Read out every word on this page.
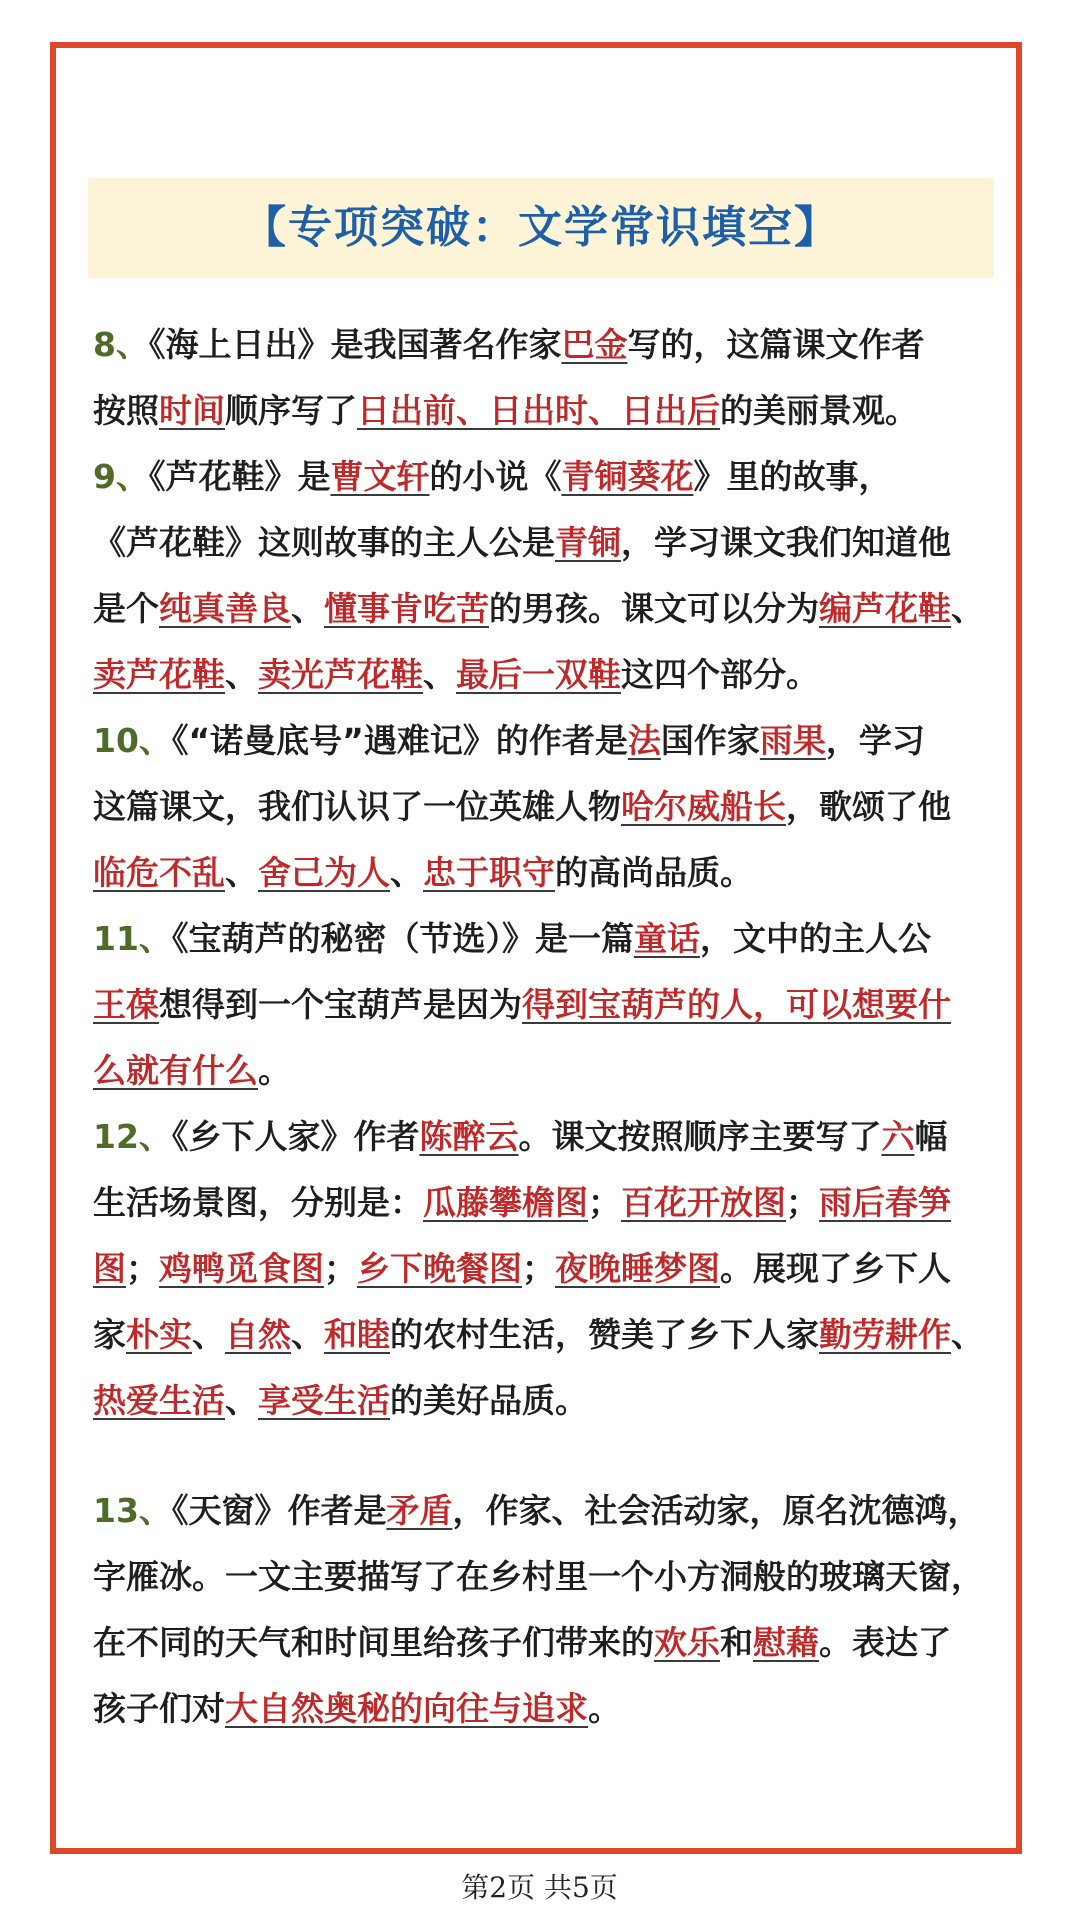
【专项突破：文学常识填空】
8、《海上日出》是我国著名作家巴金写的，这篇课文作者
按照时间顺序写了日出前、日出时、日出后的美丽景观。
9、《芦花鞋》是曹文轩的小说《青铜葵花》里的故事，
《芦花鞋》这则故事的主人公是青铜，学习课文我们知道他
是个纯真善良、懂事肯吃苦的男孩。课文可以分为编芦花鞋、
卖芦花鞋、卖光芦花鞋、最后一双鞋这四个部分。
10、《“诺曼底号”遇难记》的作者是法国作家雨果，学习
这篇课文，我们认识了一位英雄人物哈尔威船长，歌颂了他
临危不乱、舍己为人、忠于职守的高尚品质。
11、《宝葫芦的秘密（节选）》是一篇童话，文中的主人公
王葆想得到一个宝葫芦是因为得到宝葫芦的人，可以想要什
么就有什么。
12、《乡下人家》作者陈醉云。课文按照顺序主要写了六幅
生活场景图，分别是：瓜藤攀檐图；百花开放图；雨后春笋
图；鸡鸭觅食图；乡下晚餐图；夜晚睡梦图。展现了乡下人
家朴实、自然、和睦的农村生活，赞美了乡下人家勤劳耕作、
热爱生活、享受生活的美好品质。
13、《天窗》作者是矛盾，作家、社会活动家，原名沈德鸿，
字雁冰。一文主要描写了在乡村里一个小方洞般的玻璃天窗，
在不同的天气和时间里给孩子们带来的欢乐和慰藉。表达了
孩子们对大自然奥秘的向往与追求。
第2页 共5页
